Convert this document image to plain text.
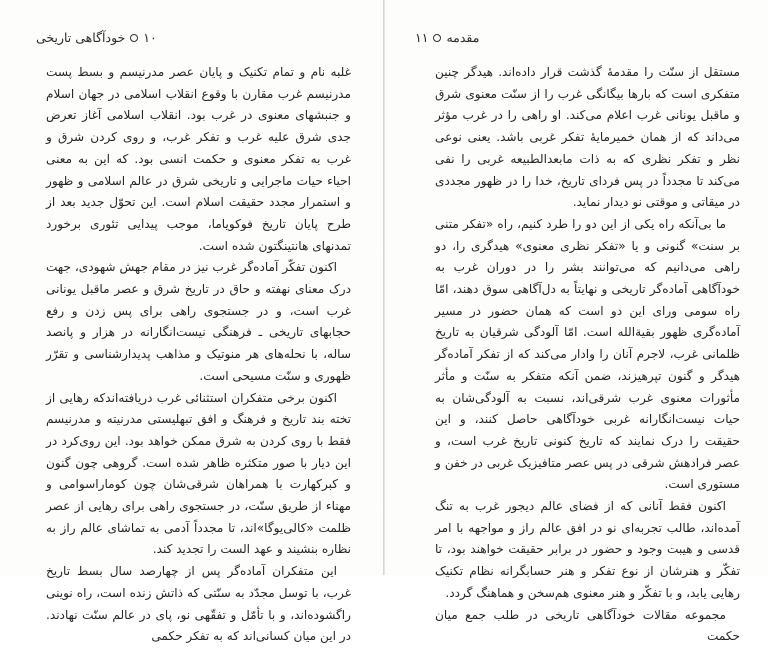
۱۰
خودآگاهی تاریخی

غلبه نام و تمام تکنیک و پایان عصر مدرنیسم و بسط پست مدرنیسم غرب مقارن با وقوع انقلاب اسلامی در جهان اسلام و جنبشهای معنوی در غرب بود. انقلاب اسلامی آغاز تعرض جدی شرق علیه غرب و تفکر غرب، و روی کردن شرق و غرب به تفکر معنوی و حکمت انسی بود. که این به معنی احیاء حیات ماجرایی و تاریخی شرق در عالم اسلامی و ظهور و استمرار مجدد حقیقت اسلام است. این تحوّل جدید بعد از طرح پایان تاریخ فوکویاما، موجب پیدایی تئوری برخورد تمدنهای هانتینگتون شده است.

اکنون تفکّر آماده‌گر غرب نیز در مقام جهش شهودی، جهت درک معنای نهفته و حاق در تاریخ شرق و عصر ماقبل یونانی غرب است، و در جستجوی راهی برای پس زدن و رفع حجابهای تاریخی ـ فرهنگی نیست‌انگارانه در هزار و پانصد ساله، با نحله‌های هر منوتیک و مذاهب پدیدارشناسی و تقرّر ظهوری و سنّت مسیحی است.

اکنون برخی متفکران استثنائی غرب دریافته‌اندکه رهایی از تخته بند تاریخ و فرهنگ و افق تبهلیستی مدرنیته و مدرنیسم فقط با روی کردن به شرق ممکن خواهد بود. این روی‌کرد در این دیار با صور متکثره ظاهر شده است. گروهی چون گنون و کبرکهارت با همراهان شرقی‌شان چون کوماراسوامی و مهناء از طریق سنّت، در جستجوی راهی برای رهایی از عصر ظلمت «کالی‌یوگا»اند، تا مجدداً آدمی به تماشای عالم راز به نظاره بنشیند و عهد الست را تجدید کند.

این متفکران آماده‌گر پس از چهارصد سال بسط تاریخ غرب، با توسل مجدّد به سنّتی که ذاتش زنده است، راه نوینی راگشوده‌اند، و با تأمّل و تفقّهی نو، پای در عالم سنّت نهادند. در این میان کسانی‌اند که به تفکر حکمی

مقدمه
۱۱

مستقل از سنّت را مقدمهٔ گذشت قرار داده‌اند. هیدگر چنین متفکری است که بارها بیگانگی غرب را از سنّت معنوی شرق و ماقبل یونانی غرب اعلام می‌کند. او راهی را در غرب مؤثر می‌داند که از همان خمیرمایهٔ تفکر غربی باشد. یعنی نوعی نظر و تفکر نظری که به ذات مابعدالطبیعه غربی را نفی می‌کند تا مجدداً در پس فردای تاریخ، خدا را در ظهور مجددی در میقاتی و موقتی نو دیدار نماید.

ما بی‌آنکه راه یکی از این دو را طرد کنیم، راه «تفکر متنی بر سنت» گنونی و یا «تفکر نظری معنوی» هیدگری را، دو راهی می‌دانیم که می‌توانند بشر را در دوران غرب به خودآگاهی آماده‌گر تاریخی و نهایتاً به دل‌آگاهی سوق دهند، امّا راه سومی ورای این دو است که همان حضور در مسیر آماده‌گری ظهور بقیة‌الله است. امّا آلودگی شرقیان به تاریخ ظلمانی غرب، لاجرم آنان را وادار می‌کند که از تفکر آماده‌گر هیدگر و گنون تپرهیزند، ضمن آنکه متفکر به سنّت و مأثر مأثورات معنوی غرب شرقی‌اند، نسبت به آلودگی‌شان به حیات نیست‌انگارانه غربی خودآگاهی حاصل کنند، و این حقیقت را درک نمایند که تاریخ کنونی تاریخ غرب است، و عصر فرادهش شرقی در پس عصر متافیزیک غربی در خفن و مستوری است.

اکنون فقط آنانی که از فضای عالم دیجور غرب به تنگ آمده‌اند، طالب تجربه‌ای نو در افق عالم راز و مواجهه با امر قدسی و هیبت وجود و حضور در برابر حقیقت خواهند بود، تا تفکّر و هنرشان از نوع تفکر و هنر حسابگرانه نظام تکنیک رهایی یابد، و با تفکّر و هنر معنوی هم‌سخن و هماهنگ گردد.

مجموعه مقالات خودآگاهی تاریخی در طلب جمع میان حکمت
